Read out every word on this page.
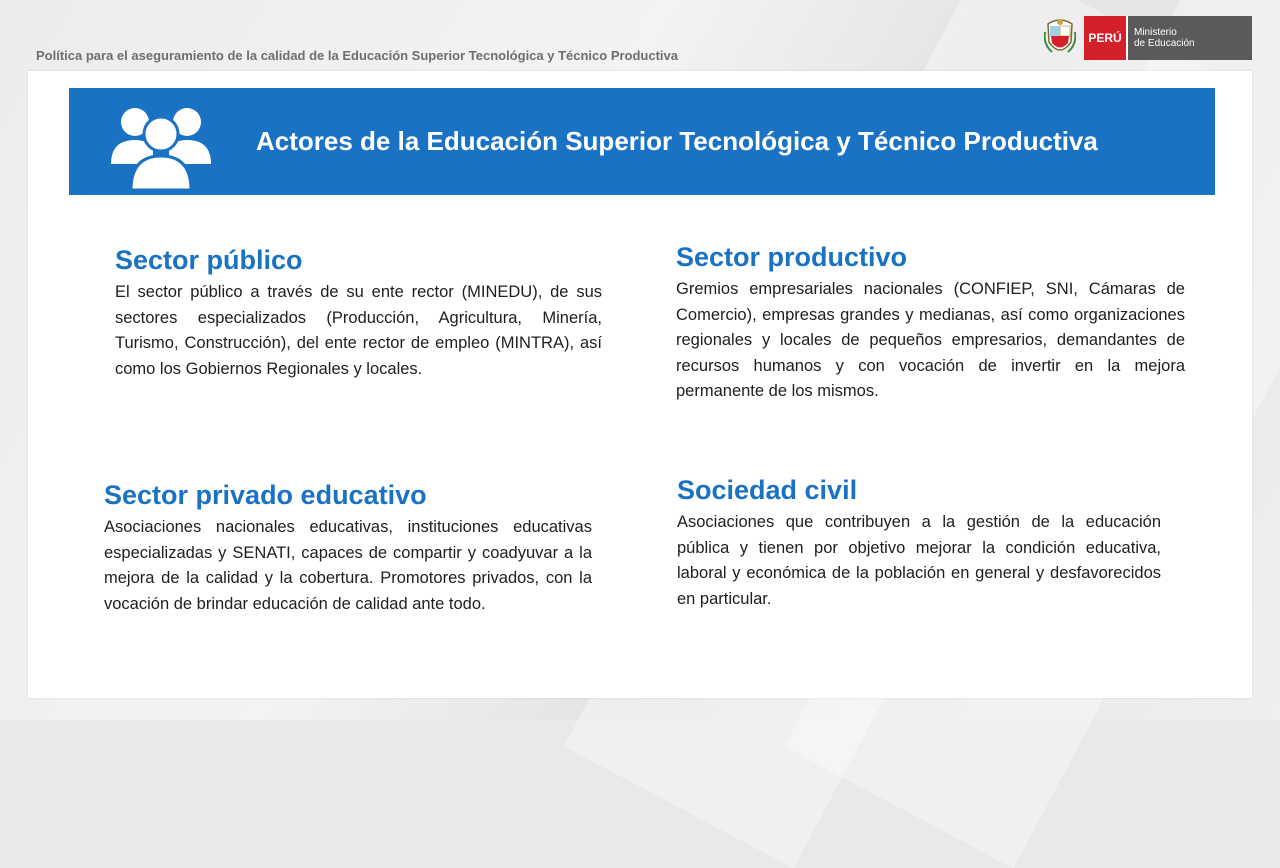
Política para el aseguramiento de la calidad de la Educación Superior Tecnológica y Técnico Productiva
PERÚ	Ministerio
de Educación
Actores de la Educación Superior Tecnológica y Técnico Productiva
Sector público

El sector público a través de su ente rector (MINEDU), de sus sectores especializados (Producción, Agricultura, Minería, Turismo, Construcción), del ente rector de empleo (MINTRA), así como los Gobiernos Regionales y locales.

Sector productivo

Gremios empresariales nacionales (CONFIEP, SNI, Cámaras de Comercio), empresas grandes y medianas, así como organizaciones regionales y locales de pequeños empresarios, demandantes de recursos humanos y con vocación de invertir en la mejora permanente de los mismos.

Sector privado educativo

Asociaciones nacionales educativas, instituciones educativas especializadas y SENATI, capaces de compartir y coadyuvar a la mejora de la calidad y la cobertura. Promotores privados, con la vocación de brindar educación de calidad ante todo.

Sociedad civil

Asociaciones que contribuyen a la gestión de la educación pública y tienen por objetivo mejorar la condición educativa, laboral y económica de la población en general y desfavorecidos en particular.
